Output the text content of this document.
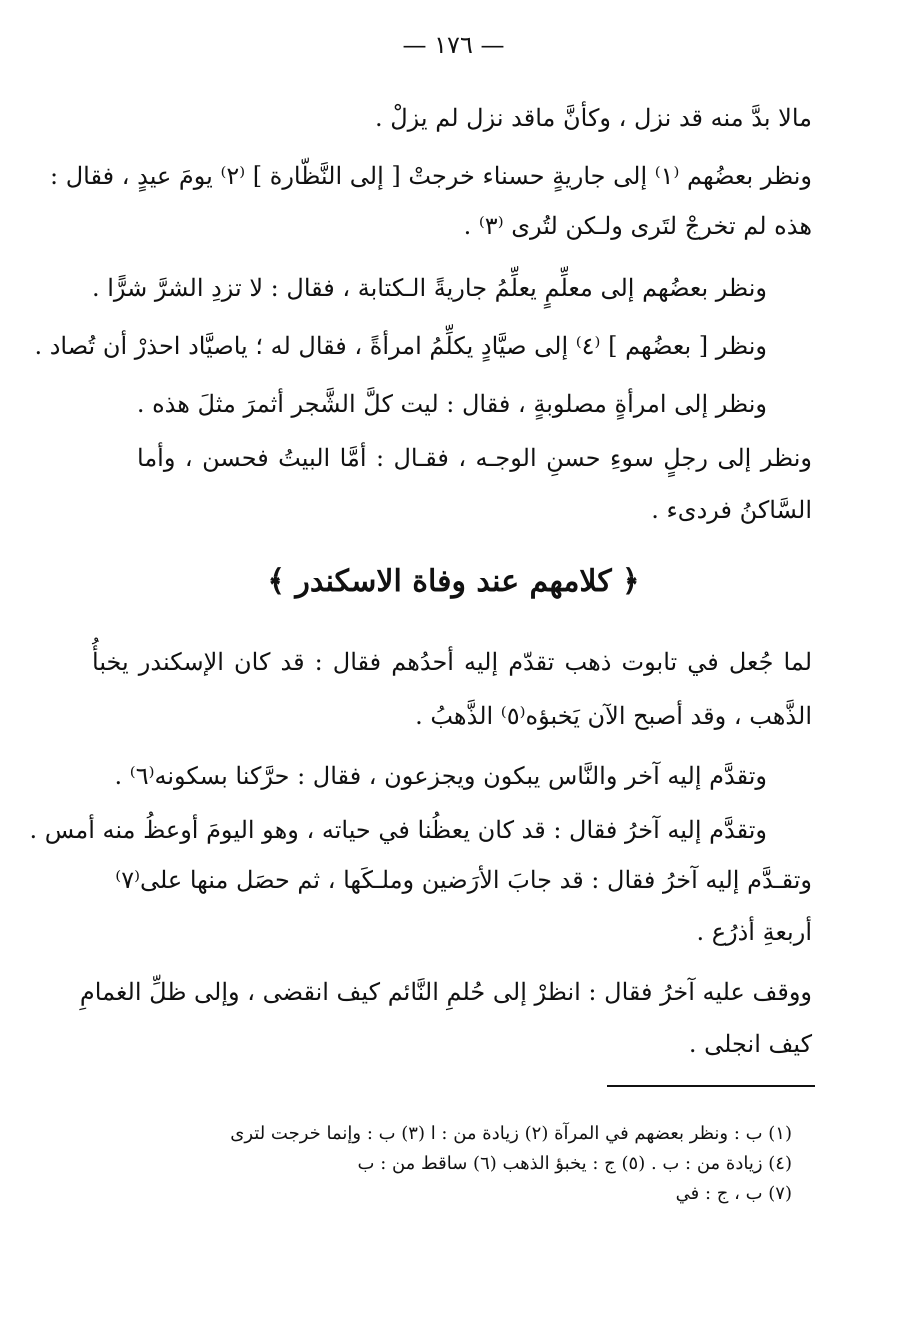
— ١٧٦ —
مالا بدَّ منه قد نزل ، وكأنَّ ماقد نزل لم يزلْ .
ونظر بعضُهم ⁽١⁾ إلى جاريةٍ حسناء خرجتْ [ إلى النَّظّارة ] ⁽٢⁾ يومَ عيدٍ ، فقال :
هذه لم تخرجْ لتَرى ولـكن لتُرى ⁽٣⁾ .
ونظر بعضُهم إلى معلِّمٍ يعلِّمُ جاريةً الـكتابة ، فقال : لا تزدِ الشرَّ شرًّا .
ونظر [ بعضُهم ] ⁽٤⁾ إلى صيَّادٍ يكلِّمُ امرأةً ، فقال له ؛ ياصيَّاد احذرْ أن تُصاد .
ونظر إلى امرأةٍ مصلوبةٍ ، فقال : ليت كلَّ الشَّجر أثمرَ مثلَ هذه .
ونظر إلى رجلٍ سوءِ حسنِ الوجـه ، فقـال : أمَّا البيتُ فحسن ، وأما
السَّاكنُ فردىء .
﴿ كلامهم عند وفاة الاسكندر ﴾
لما جُعل في تابوت ذهب تقدّم إليه أحدُهم فقال : قد كان الإسكندر يخبأُ
الذَّهب ، وقد أصبح الآن يَخبؤه⁽٥⁾ الذَّهبُ .
وتقدَّم إليه آخر والنَّاس يبكون ويجزعون ، فقال : حرَّكنا بسكونه⁽٦⁾ .
وتقدَّم إليه آخرُ فقال : قد كان يعظُنا في حياته ، وهو اليومَ أوعظُ منه أمس .
وتقـدَّم إليه آخرُ فقال : قد جابَ الأرَضين وملـكَها ، ثم حصَل منها على⁽٧⁾
أربعةِ أذرُع .
ووقف عليه آخرُ فقال : انظرْ إلى حُلمِ النَّائم كيف انقضى ، وإلى ظلِّ الغمامِ
كيف انجلى .
(١) ب : ونظر بعضهم في المرآة (٢) زيادة من : ا (٣) ب : وإنما خرجت لترى
(٤) زيادة من : ب . (٥) ج : يخبؤ الذهب (٦) ساقط من : ب
(٧) ب ، ج : في
